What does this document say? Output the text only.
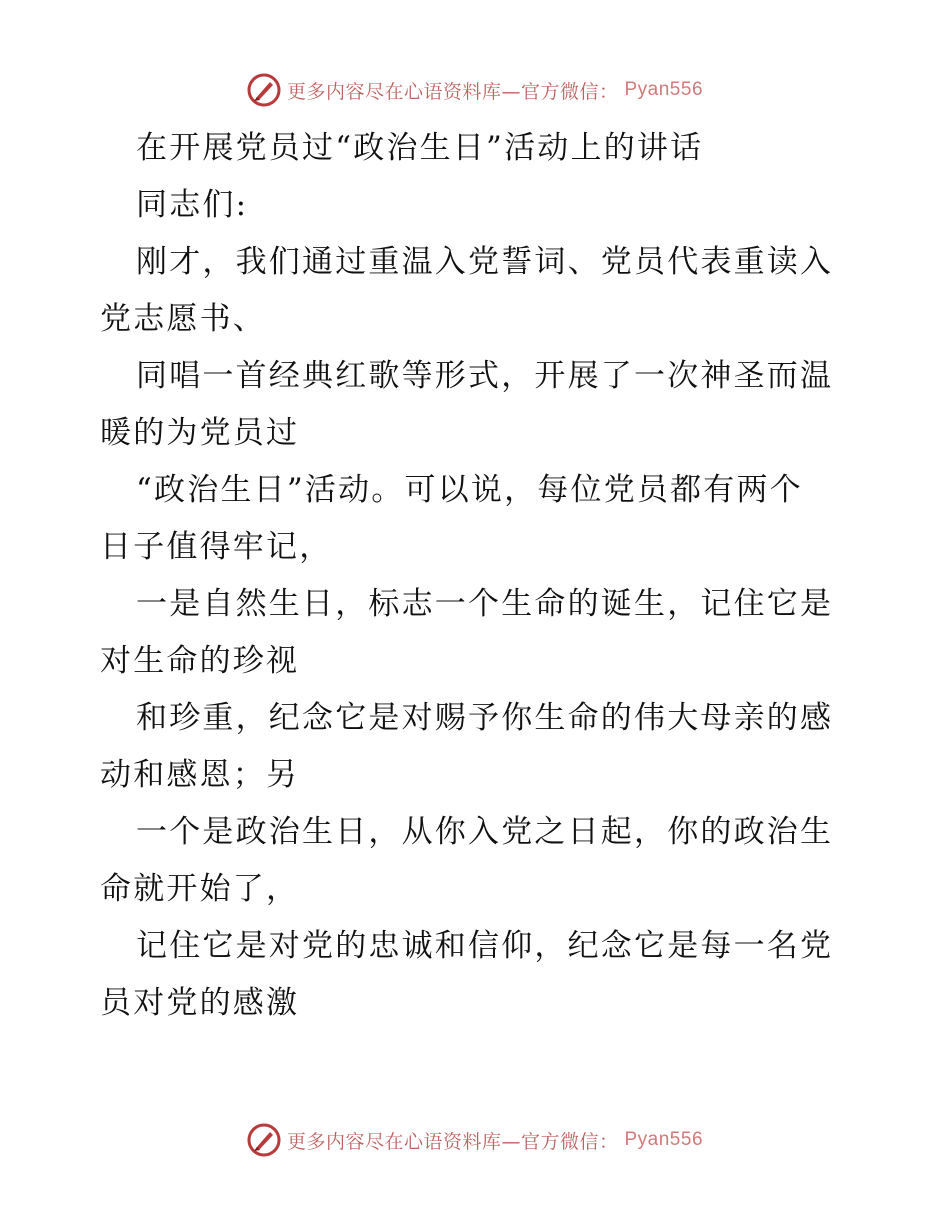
更多内容尽在心语资料库—官方微信： Pyan556
在开展党员过“政治生日”活动上的讲话
同志们:
刚才，我们通过重温入党誓词、党员代表重读入
党志愿书、
同唱一首经典红歌等形式，开展了一次神圣而温
暖的为党员过
“政治生日”活动。可以说，每位党员都有两个
日子值得牢记，
一是自然生日，标志一个生命的诞生，记住它是
对生命的珍视
和珍重，纪念它是对赐予你生命的伟大母亲的感
动和感恩；另
一个是政治生日，从你入党之日起，你的政治生
命就开始了，
记住它是对党的忠诚和信仰，纪念它是每一名党
员对党的感激
更多内容尽在心语资料库—官方微信： Pyan556
